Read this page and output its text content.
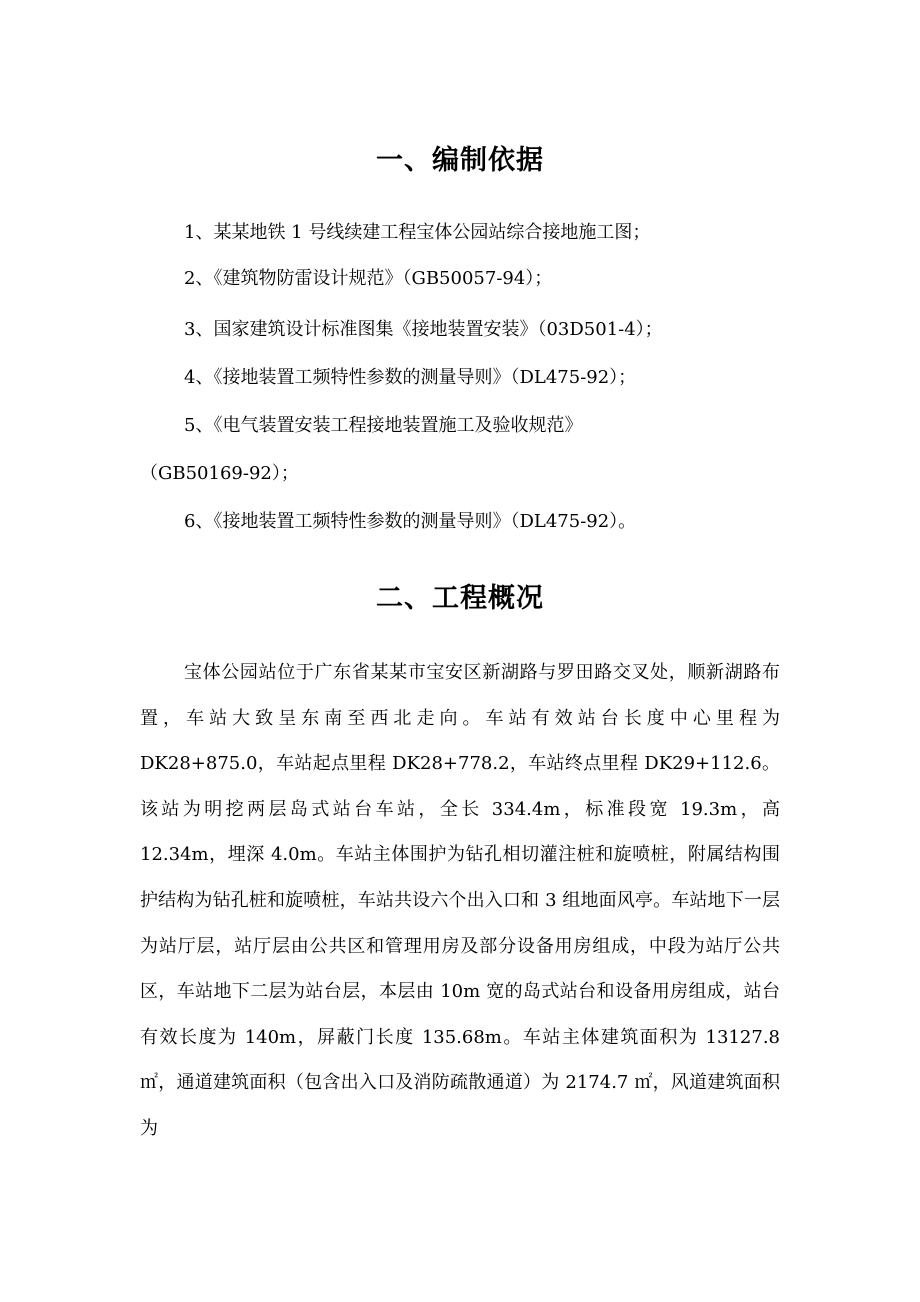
一、编制依据
1、某某地铁 1 号线续建工程宝体公园站综合接地施工图；
2、《建筑物防雷设计规范》（GB50057-94）；
3、国家建筑设计标准图集《接地装置安装》（03D501-4）；
4、《接地装置工频特性参数的测量导则》（DL475-92）；
5、《电气装置安装工程接地装置施工及验收规范》
（GB50169-92）；
6、《接地装置工频特性参数的测量导则》（DL475-92）。
二、工程概况
宝体公园站位于广东省某某市宝安区新湖路与罗田路交叉处，顺新湖路布置，车站大致呈东南至西北走向。车站有效站台长度中心里程为 DK28+875.0，车站起点里程 DK28+778.2，车站终点里程 DK29+112.6。该站为明挖两层岛式站台车站，全长 334.4m，标准段宽 19.3m，高 12.34m，埋深 4.0m。车站主体围护为钻孔相切灌注桩和旋喷桩，附属结构围护结构为钻孔桩和旋喷桩，车站共设六个出入口和 3 组地面风亭。车站地下一层为站厅层，站厅层由公共区和管理用房及部分设备用房组成，中段为站厅公共区，车站地下二层为站台层，本层由 10m 宽的岛式站台和设备用房组成，站台有效长度为 140m，屏蔽门长度 135.68m。车站主体建筑面积为 13127.8 ㎡，通道建筑面积（包含出入口及消防疏散通道）为 2174.7 ㎡，风道建筑面积为
